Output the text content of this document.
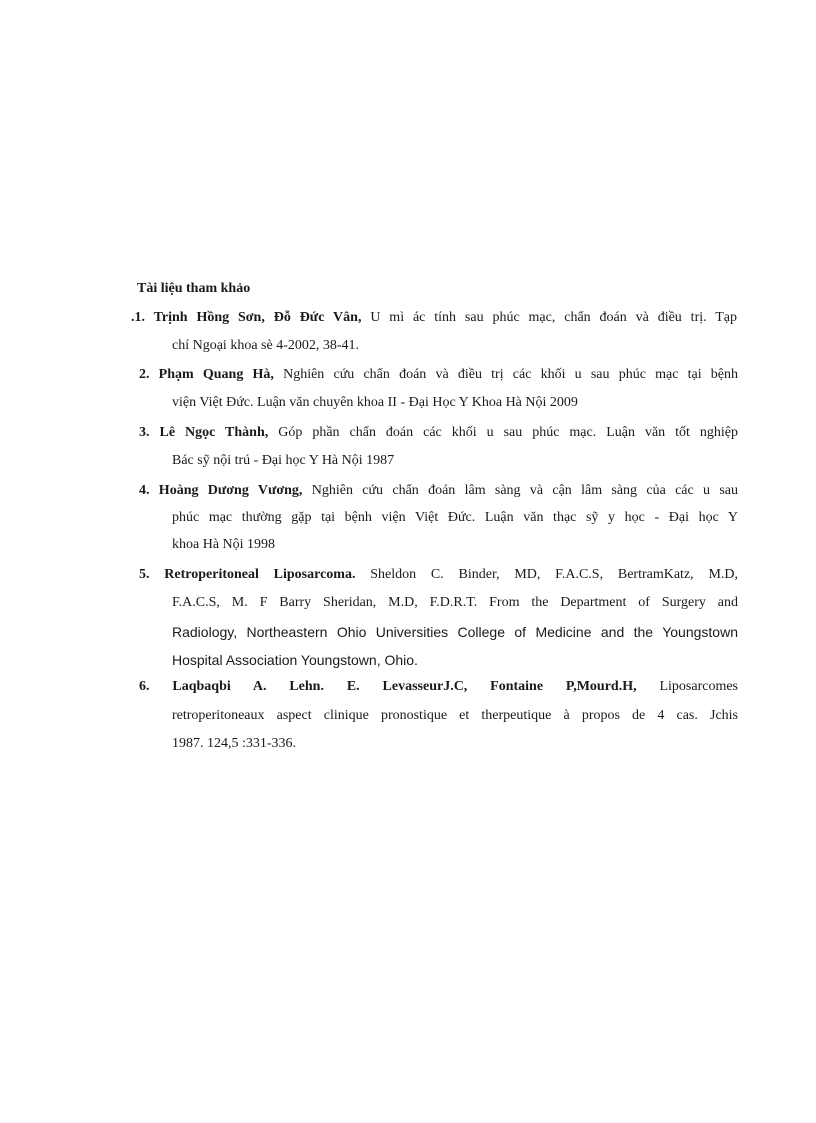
Tài liệu tham khảo
.1. Trịnh Hồng Sơn, Đỗ Đức Vân, U mì ác tính sau phúc mạc, chẩn đoán và điều trị. Tạp
chí Ngoại khoa sè 4-2002, 38-41.
2. Phạm Quang Hà, Nghiên cứu chẩn đoán và điều trị các khối u sau phúc mạc tại bệnh
viện Việt Đức. Luận văn chuyên khoa II - Đại Học Y Khoa Hà Nội 2009
3. Lê Ngọc Thành, Góp phần chẩn đoán các khối u sau phúc mạc. Luận văn tốt nghiệp
Bác sỹ nội trú - Đại học Y Hà Nội 1987
4. Hoàng Dương Vương, Nghiên cứu chẩn đoán lâm sàng và cận lâm sàng của các u sau
phúc mạc thường gặp tại bệnh viện Việt Đức. Luận văn thạc sỹ y học - Đại học Y
khoa Hà Nội 1998
5. Retroperitoneal Liposarcoma. Sheldon C. Binder, MD, F.A.C.S, BertramKatz, M.D,
F.A.C.S, M. F Barry Sheridan, M.D, F.D.R.T. From the Department of Surgery and
Radiology, Northeastern Ohio Universities College of Medicine and the Youngstown
Hospital Association Youngstown, Ohio.
6. Laqbaqbi A. Lehn. E. LevasseurJ.C, Fontaine P,Mourd.H, Liposarcomes
retroperitoneaux aspect clinique pronostique et therpeutique à propos de 4 cas. Jchis
1987. 124,5 :331-336.
